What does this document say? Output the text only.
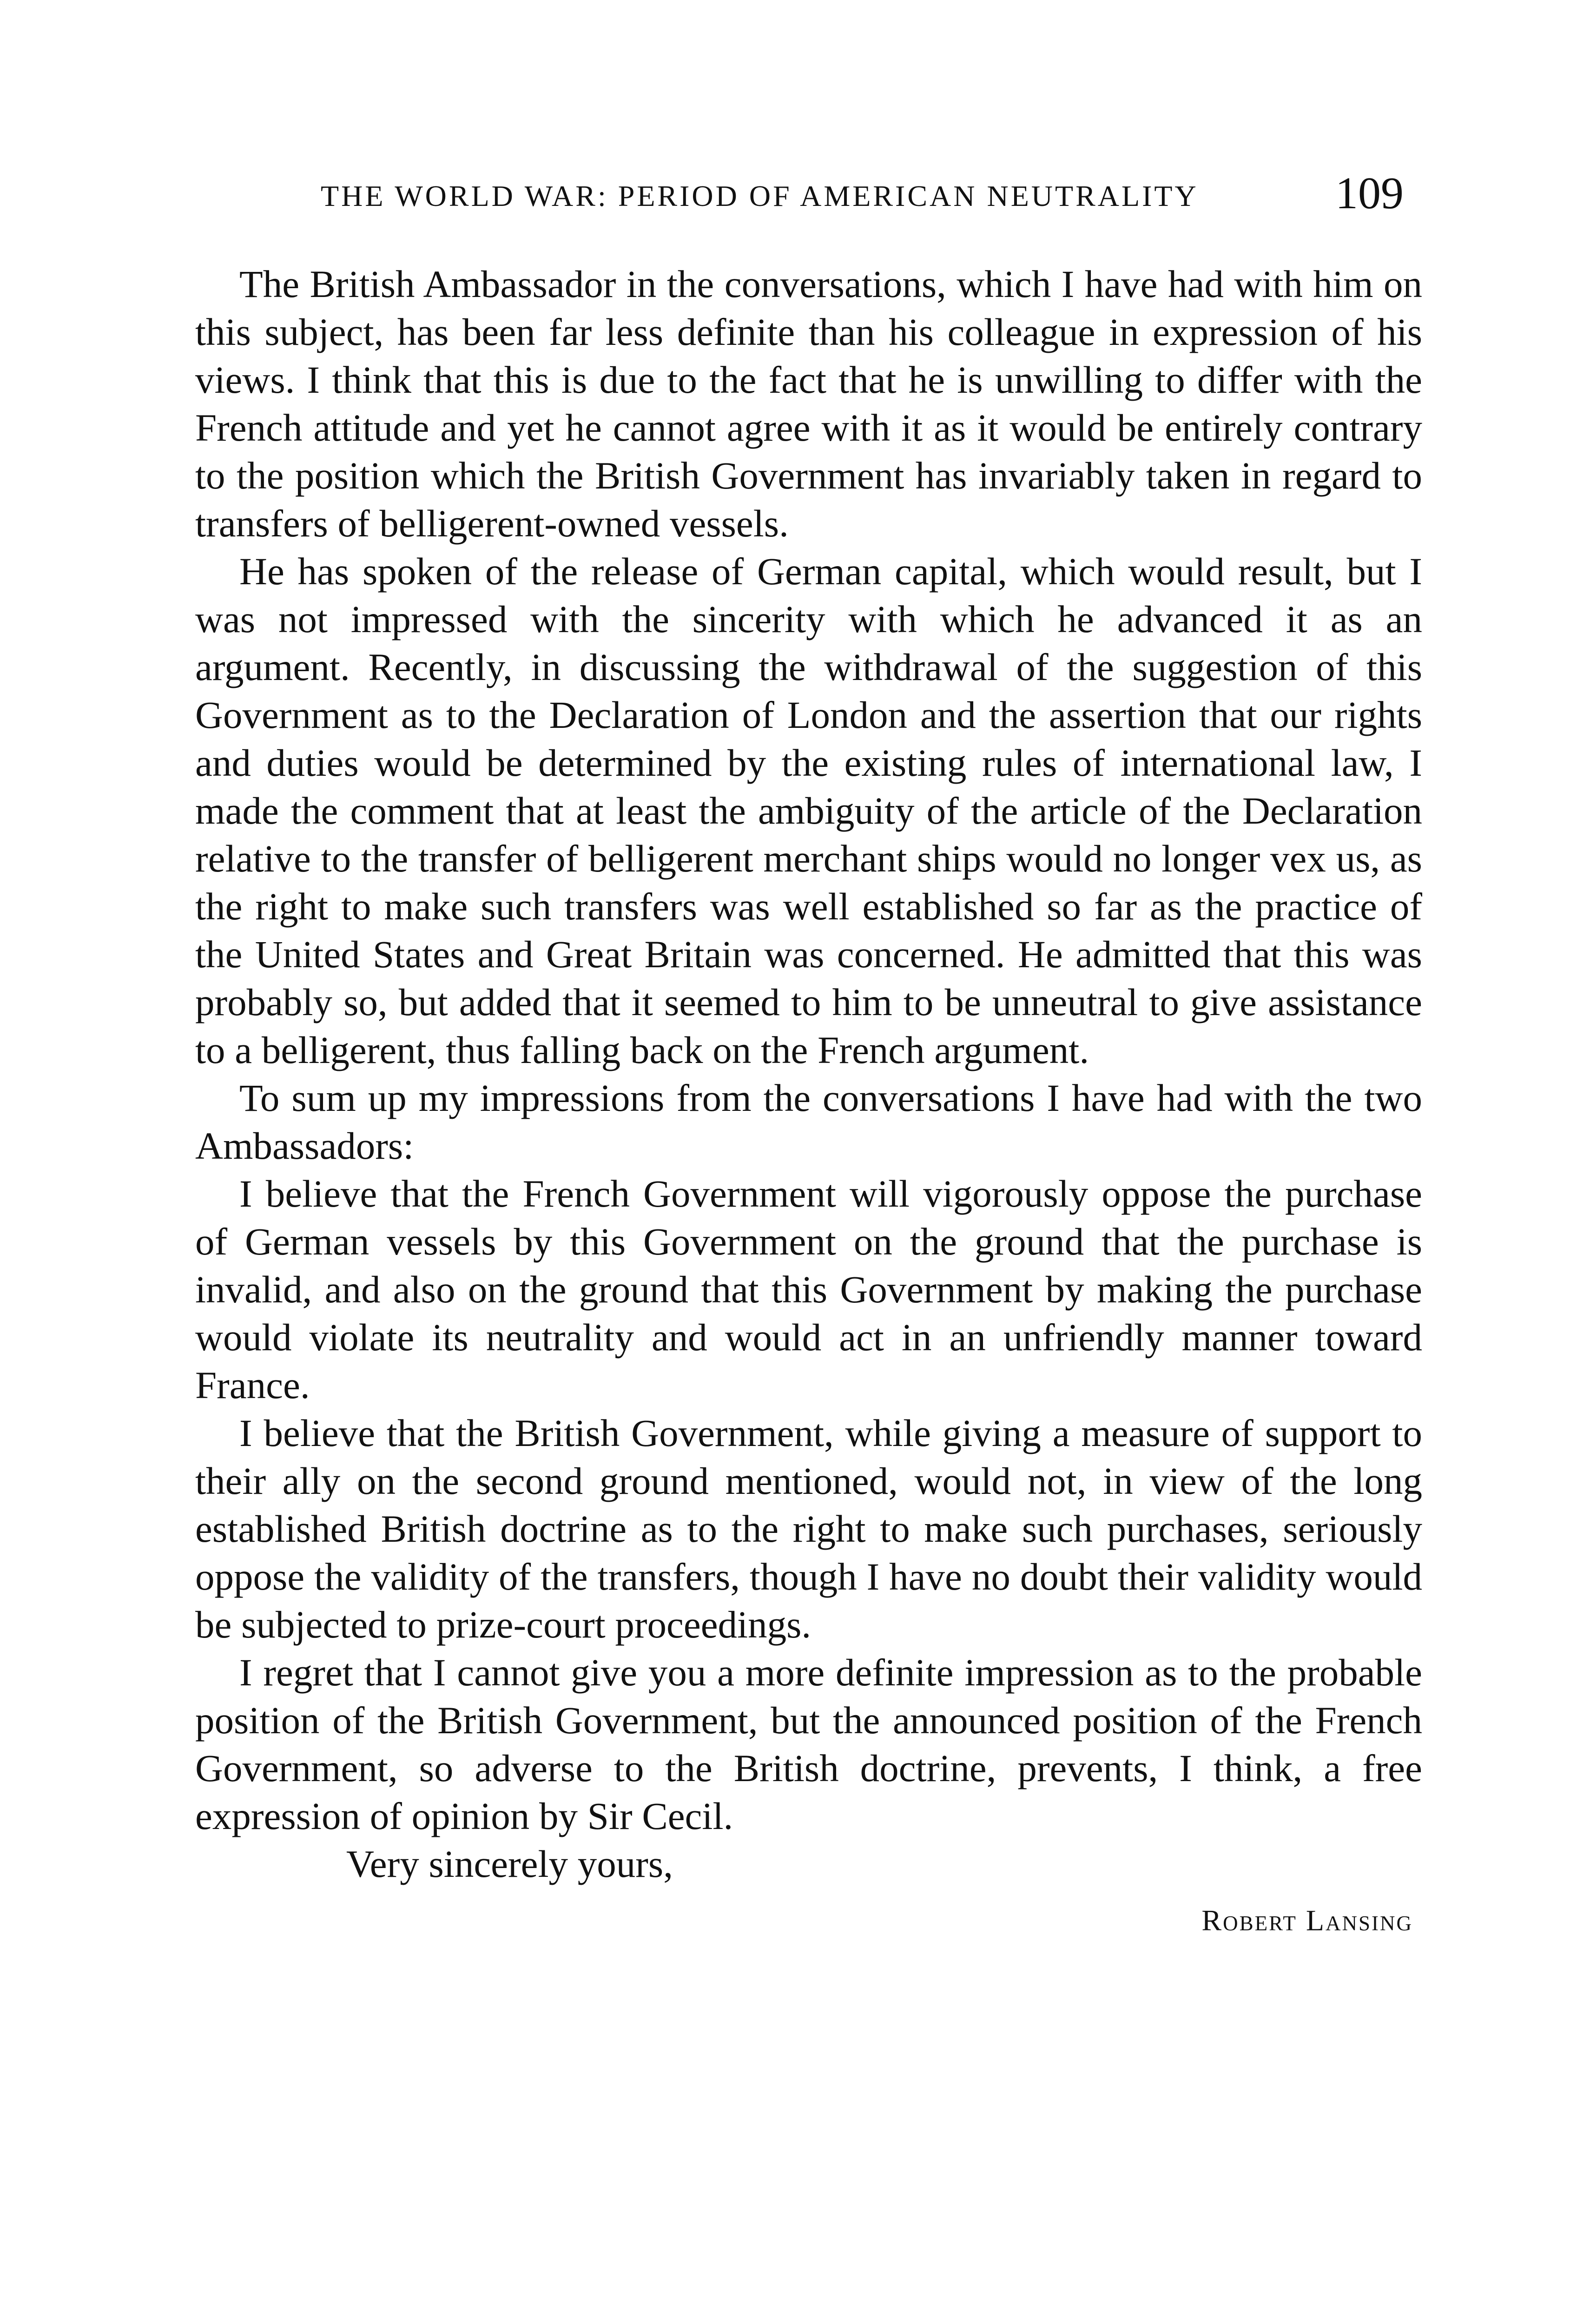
THE WORLD WAR: PERIOD OF AMERICAN NEUTRALITY	109

The British Ambassador in the conversations, which I have had with him on this subject, has been far less definite than his colleague in expression of his views. I think that this is due to the fact that he is unwilling to differ with the French attitude and yet he cannot agree with it as it would be entirely contrary to the position which the British Government has invariably taken in regard to transfers of belligerent-owned vessels.

He has spoken of the release of German capital, which would result, but I was not impressed with the sincerity with which he advanced it as an argument. Recently, in discussing the withdrawal of the suggestion of this Government as to the Declaration of London and the assertion that our rights and duties would be determined by the existing rules of international law, I made the comment that at least the ambiguity of the article of the Declaration relative to the transfer of belligerent merchant ships would no longer vex us, as the right to make such transfers was well established so far as the practice of the United States and Great Britain was concerned. He admitted that this was probably so, but added that it seemed to him to be unneutral to give assistance to a belligerent, thus falling back on the French argument.

To sum up my impressions from the conversations I have had with the two Ambassadors:

I believe that the French Government will vigorously oppose the purchase of German vessels by this Government on the ground that the purchase is invalid, and also on the ground that this Government by making the purchase would violate its neutrality and would act in an unfriendly manner toward France.

I believe that the British Government, while giving a measure of support to their ally on the second ground mentioned, would not, in view of the long established British doctrine as to the right to make such purchases, seriously oppose the validity of the transfers, though I have no doubt their validity would be subjected to prize-court proceedings.

I regret that I cannot give you a more definite impression as to the probable position of the British Government, but the announced position of the French Government, so adverse to the British doctrine, prevents, I think, a free expression of opinion by Sir Cecil.

Very sincerely yours,

Robert Lansing
